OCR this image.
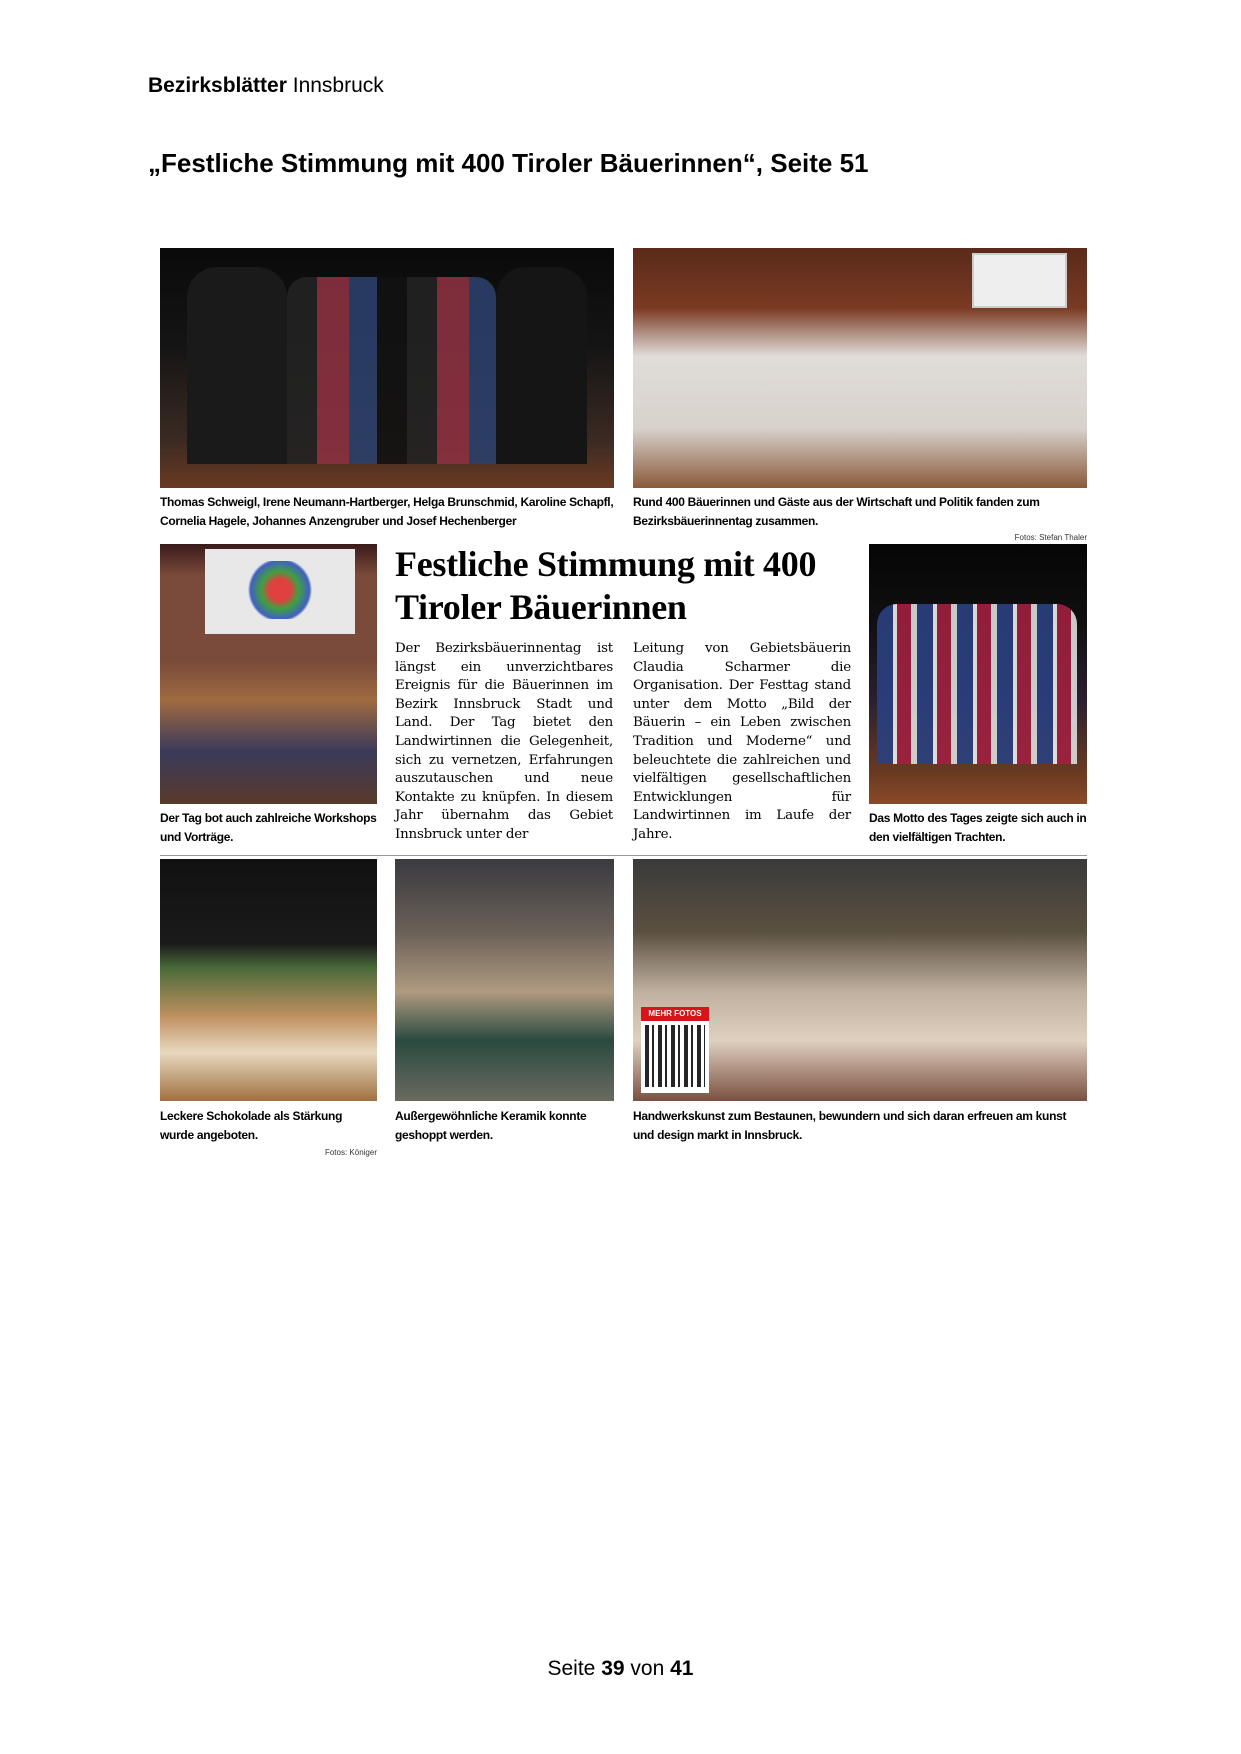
Bezirksblätter Innsbruck
„Festliche Stimmung mit 400 Tiroler Bäuerinnen“, Seite 51
Thomas Schweigl, Irene Neumann-Hartberger, Helga Brunschmid, Karoline Schapfl, Cornelia Hagele, Johannes Anzengruber und Josef Hechenberger
Rund 400 Bäuerinnen und Gäste aus der Wirtschaft und Politik fanden zum Bezirksbäuerinnentag zusammen.
Fotos: Stefan Thaler
Festliche Stimmung mit 400 Tiroler Bäuerinnen
Der Bezirksbäuerinnentag ist längst ein unverzichtbares Ereignis für die Bäuerinnen im Bezirk Innsbruck Stadt und Land. Der Tag bietet den Landwirtinnen die Gelegenheit, sich zu vernetzen, Erfahrungen auszutauschen und neue Kontakte zu knüpfen. In diesem Jahr übernahm das Gebiet Innsbruck unter der
Leitung von Gebietsbäuerin Claudia Scharmer die Organisation. Der Festtag stand unter dem Motto „Bild der Bäuerin – ein Leben zwischen Tradition und Moderne“ und beleuchtete die zahlreichen und vielfältigen gesellschaftlichen Entwicklungen für Landwirtinnen im Laufe der Jahre.
Der Tag bot auch zahlreiche Workshops und Vorträge.
Das Motto des Tages zeigte sich auch in den vielfältigen Trachten.
MEHR FOTOS
Leckere Schokolade als Stärkung wurde angeboten.
Fotos: Königer
Außergewöhnliche Keramik konnte geshoppt werden.
Handwerkskunst zum Bestaunen, bewundern und sich daran erfreuen am kunst und design markt in Innsbruck.
Seite 39 von 41
